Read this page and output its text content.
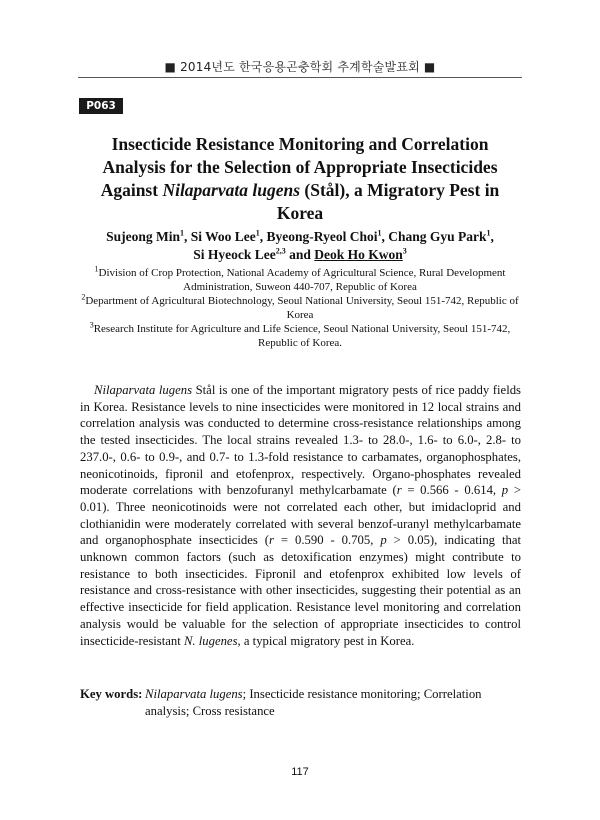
■ 2014년도 한국응용곤충학회 추계학술발표회 ■
P063
Insecticide Resistance Monitoring and Correlation Analysis for the Selection of Appropriate Insecticides Against Nilaparvata lugens (Stål), a Migratory Pest in Korea
Sujeong Min$^1$, Si Woo Lee$^1$, Byeong-Ryeol Choi$^1$, Chang Gyu Park$^1$,
Si Hyeock Lee$^{2,3}$ and Deok Ho Kwon$^3$
$^1$Division of Crop Protection, National Academy of Agricultural Science, Rural Development Administration, Suweon 440-707, Republic of Korea
$^2$Department of Agricultural Biotechnology, Seoul National University, Seoul 151-742, Republic of Korea
$^3$Research Institute for Agriculture and Life Science, Seoul National University, Seoul 151-742, Republic of Korea.

Nilaparvata lugens Stål is one of the important migratory pests of rice paddy fields in Korea. Resistance levels to nine insecticides were monitored in 12 local strains and correlation analysis was conducted to determine cross-resistance relationships among the tested insecticides. The local strains revealed 1.3- to 28.0-, 1.6- to 6.0-, 2.8- to 237.0-, 0.6- to 0.9-, and 0.7- to 1.3-fold resistance to carbamates, organophosphates, neonicotinoids, fipronil and etofenprox, respectively. Organo-phosphates revealed moderate correlations with benzofuranyl methylcarbamate (r = 0.566 - 0.614, p > 0.01). Three neonicotinoids were not correlated each other, but imidacloprid and clothianidin were moderately correlated with several benzof-uranyl methylcarbamate and organophosphate insecticides (r = 0.590 - 0.705, p > 0.05), indicating that unknown common factors (such as detoxification enzymes) might contribute to resistance to both insecticides. Fipronil and etofenprox exhibited low levels of resistance and cross-resistance with other insecticides, suggesting their potential as an effective insecticide for field application. Resistance level monitoring and correlation analysis would be valuable for the selection of appropriate insecticides to control insecticide-resistant N. lugenes, a typical migratory pest in Korea.

Key words: Nilaparvata lugens; Insecticide resistance monitoring; Correlation analysis; Cross resistance
117
